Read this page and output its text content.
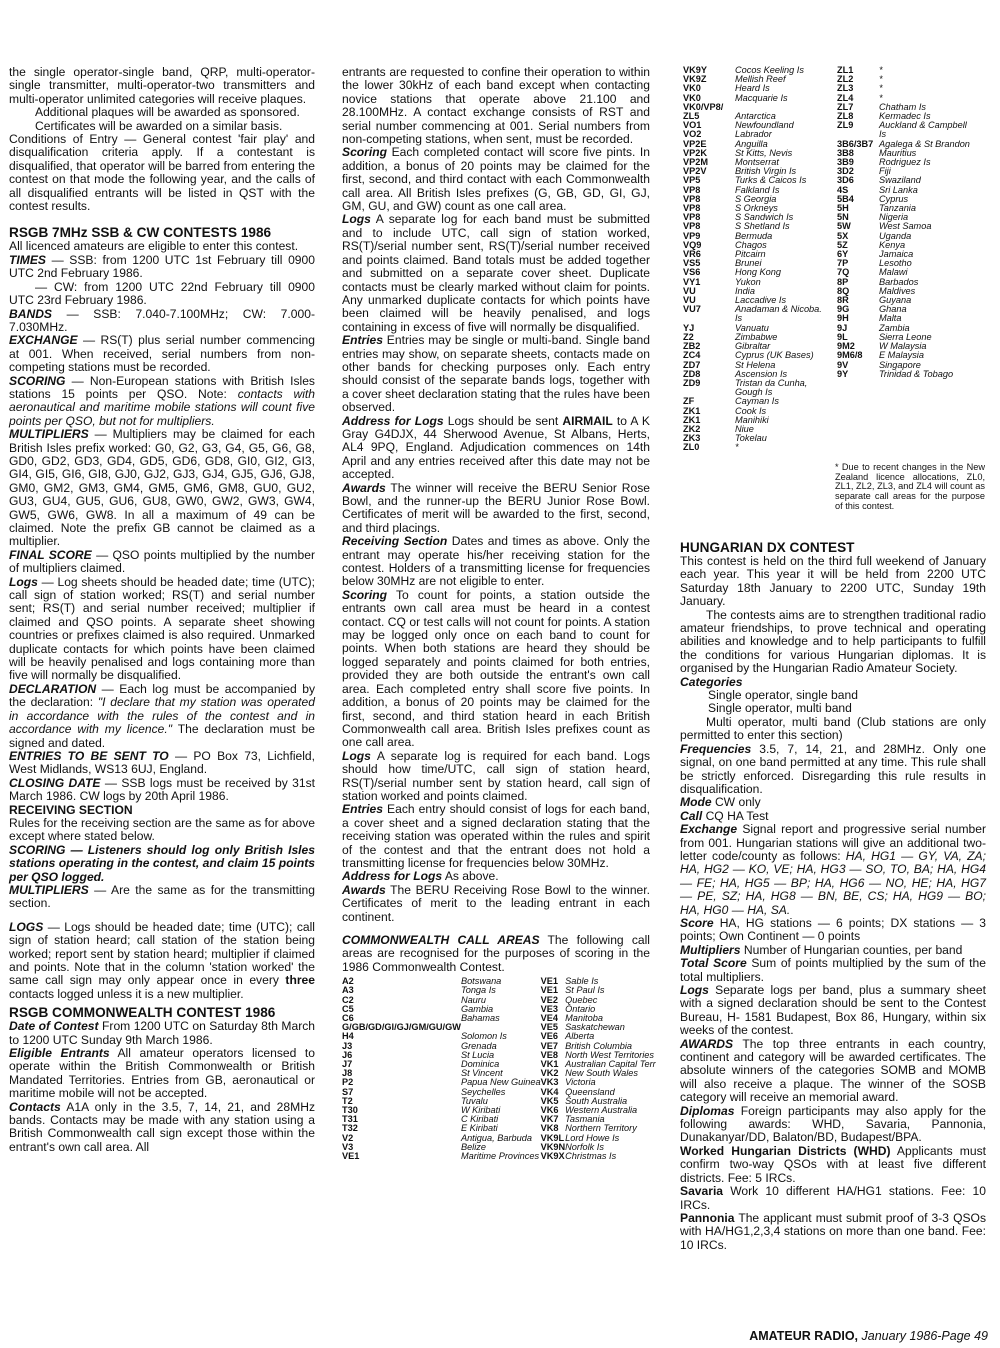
the single operator-single band, QRP, multi-operator-single transmitter, multi-operator-two transmitters and multi-operator unlimited categories will receive plaques.

Additional plaques will be awarded as sponsored.

Certificates will be awarded on a similar basis.

Conditions of Entry — General contest 'fair play' and disqualification criteria apply. If a contestant is disqualified, that operator will be barred from entering the contest on that mode the following year, and the calls of all disqualified entrants will be listed in QST with the contest results.

RSGB 7MHz SSB & CW CONTESTS 1986

All licenced amateurs are eligible to enter this contest.

TIMES — SSB: from 1200 UTC 1st February till 0900 UTC 2nd February 1986.

— CW: from 1200 UTC 22nd February till 0900 UTC 23rd February 1986.

BANDS — SSB: 7.040-7.100MHz; CW: 7.000-7.030MHz.

EXCHANGE — RS(T) plus serial number commencing at 001. When received, serial numbers from non-competing stations must be recorded.

SCORING — Non-European stations with British Isles stations 15 points per QSO. Note: contacts with aeronautical and maritime mobile stations will count five points per QSO, but not for multipliers.

MULTIPLIERS — Multipliers may be claimed for each British Isles prefix worked: G0, G2, G3, G4, G5, G6, G8, GD0, GD2, GD3, GD4, GD5, GD6, GD8, GI0, GI2, GI3, GI4, GI5, GI6, GI8, GJ0, GJ2, GJ3, GJ4, GJ5, GJ6, GJ8, GM0, GM2, GM3, GM4, GM5, GM6, GM8, GU0, GU2, GU3, GU4, GU5, GU6, GU8, GW0, GW2, GW3, GW4, GW5, GW6, GW8. In all a maximum of 49 can be claimed. Note the prefix GB cannot be claimed as a multiplier.

FINAL SCORE — QSO points multiplied by the number of multipliers claimed.

Logs — Log sheets should be headed date; time (UTC); call sign of station worked; RS(T) and serial number sent; RS(T) and serial number received; multiplier if claimed and QSO points. A separate sheet showing countries or prefixes claimed is also required. Unmarked duplicate contacts for which points have been claimed will be heavily penalised and logs containing more than five will normally be disqualified.

DECLARATION — Each log must be accompanied by the declaration: "I declare that my station was operated in accordance with the rules of the contest and in accordance with my licence." The declaration must be signed and dated.

ENTRIES TO BE SENT TO — PO Box 73, Lichfield, West Midlands, WS13 6UJ, England.

CLOSING DATE — SSB logs must be received by 31st March 1986. CW logs by 20th April 1986.

RECEIVING SECTION

Rules for the receiving section are the same as for above except where stated below.

SCORING — Listeners should log only British Isles stations operating in the contest, and claim 15 points per QSO logged.

MULTIPLIERS — Are the same as for the transmitting section.

LOGS — Logs should be headed date; time (UTC); call sign of station heard; call station of the station being worked; report sent by station heard; multiplier if claimed and points. Note that in the column 'station worked' the same call sign may only appear once in every three contacts logged unless it is a new multiplier.

RSGB COMMONWEALTH CONTEST 1986

Date of Contest From 1200 UTC on Saturday 8th March to 1200 UTC Sunday 9th March 1986.

Eligible Entrants All amateur operators licensed to operate within the British Commonwealth or British Mandated Territories. Entries from GB, aeronautical or maritime mobile will not be accepted.

Contacts A1A only in the 3.5, 7, 14, 21, and 28MHz bands. Contacts may be made with any station using a British Commonwealth call sign except those within the entrant's own call area. All

entrants are requested to confine their operation to within the lower 30kHz of each band except when contacting novice stations that operate above 21.100 and 28.100MHz. A contact exchange consists of RST and serial number commencing at 001. Serial numbers from non-competing stations, when sent, must be recorded.

Scoring Each completed contact will score five pints. In addition, a bonus of 20 points may be claimed for the first, second, and third contact with each Commonwealth call area. All British Isles prefixes (G, GB, GD, GI, GJ, GM, GU, and GW) count as one call area.

Logs A separate log for each band must be submitted and to include UTC, call sign of station worked, RS(T)/serial number sent, RS(T)/serial number received and points claimed. Band totals must be added together and submitted on a separate cover sheet. Duplicate contacts must be clearly marked without claim for points. Any unmarked duplicate contacts for which points have been claimed will be heavily penalised, and logs containing in excess of five will normally be disqualified.

Entries Entries may be single or multi-band. Single band entries may show, on separate sheets, contacts made on other bands for checking purposes only. Each entry should consist of the separate bands logs, together with a cover sheet declaration stating that the rules have been observed.

Address for Logs Logs should be sent AIRMAIL to A K Gray G4DJX, 44 Sherwood Avenue, St Albans, Herts, AL4 9PQ, England. Adjudication commences on 14th April and any entries received after this date may not be accepted.

Awards The winner will receive the BERU Senior Rose Bowl, and the runner-up the BERU Junior Rose Bowl. Certificates of merit will be awarded to the first, second, and third placings.

Receiving Section Dates and times as above. Only the entrant may operate his/her receiving station for the contest. Holders of a transmitting license for frequencies below 30MHz are not eligible to enter.

Scoring To count for points, a station outside the entrants own call area must be heard in a contest contact. CQ or test calls will not count for points. A station may be logged only once on each band to count for points. When both stations are heard they should be logged separately and points claimed for both entries, provided they are both outside the entrant's own call area. Each completed entry shall score five points. In addition, a bonus of 20 points may be claimed for the first, second, and third station heard in each British Commonwealth call area. British Isles prefixes count as one call area.

Logs A separate log is required for each band. Logs should how time/UTC, call sign of station heard, RS(T)/serial number sent by station heard, call sign of station worked and points claimed.

Entries Each entry should consist of logs for each band, a cover sheet and a signed declaration stating that the receiving station was operated within the rules and spirit of the contest and that the entrant does not hold a transmitting license for frequencies below 30MHz.

Address for Logs As above.

Awards The BERU Receiving Rose Bowl to the winner. Certificates of merit to the leading entrant in each continent.

COMMONWEALTH CALL AREAS The following call areas are recognised for the purposes of scoring in the 1986 Commonwealth Contest.

A2	Botswana	VE1	Sable Is
A3	Tonga Is	VE1	St Paul Is
C2	Nauru	VE2	Quebec
C5	Gambia	VE3	Ontario
C6	Bahamas	VE4	Manitoba
G/GB/GD/GI/GJ/GM/GU/GW		VE5	Saskatchewan
H4	Solomon Is	VE6	Alberta
J3	Grenada	VE7	British Columbia
J6	St Lucia	VE8	North West Territories
J7	Dominica	VK1	Australian Capital Terr
J8	St Vincent	VK2	New South Wales
P2	Papua New Guinea	VK3	Victoria
S7	Seychelles	VK4	Queensland
T2	Tuvalu	VK5	South Australia
T30	W Kiribati	VK6	Western Australia
T31	C Kiribati	VK7	Tasmania
T32	E Kiribati	VK8	Northern Territory
V2	Antigua, Barbuda	VK9L	Lord Howe Is
V3	Belize	VK9N	Norfolk Is
VE1	Maritime Provinces	VK9X	Christmas Is
VK9Y	Cocos Keeling Is	ZL1	*
VK9Z	Mellish Reef	ZL2	*
VK0	Heard Is	ZL3	*
VK0	Macquarie Is	ZL4	*
VK0/VP8/		ZL7	Chatham Is
ZL5	Antarctica	ZL8	Kermadec Is
VO1	Newfoundland	ZL9	Auckland & Campbell
VO2	Labrador		Is
VP2E	Anguilla	3B6/3B7	Agalega & St Brandon
VP2K	St Kitts, Nevis	3B8	Mauritius
VP2M	Montserrat	3B9	Rodriguez Is
VP2V	British Virgin Is	3D2	Fiji
VP5	Turks & Caicos Is	3D6	Swaziland
VP8	Falkland Is	4S	Sri Lanka
VP8	S Georgia	5B4	Cyprus
VP8	S Orkneys	5H	Tanzania
VP8	S Sandwich Is	5N	Nigeria
VP8	S Shetland Is	5W	West Samoa
VP9	Bermuda	5X	Uganda
VQ9	Chagos	5Z	Kenya
VR6	Pitcairn	6Y	Jamaica
VS5	Brunei	7P	Lesotho
VS6	Hong Kong	7Q	Malawi
VY1	Yukon	8P	Barbados
VU	India	8Q	Maldives
VU	Laccadive Is	8R	Guyana
VU7	Anadaman & Nicoba.	9G	Ghana
	Is	9H	Malta
YJ	Vanuatu	9J	Zambia
Z2	Zimbabwe	9L	Sierra Leone
ZB2	Gibraltar	9M2	W Malaysia
ZC4	Cyprus (UK Bases)	9M6/8	E Malaysia
ZD7	St Helena	9V	Singapore
ZD8	Ascension Is	9Y	Trinidad & Tobago
ZD9	Tristan da Cunha,		
	Gough Is		
ZF	Cayman Is		
ZK1	Cook Is		
ZK1	Manihiki		
ZK2	Niue		
ZK3	Tokelau		
ZL0	*		

* Due to recent changes in the New Zealand licence allocations, ZL0, ZL1, ZL2, ZL3, and ZL4 will count as separate call areas for the purpose of this contest.

HUNGARIAN DX CONTEST

This contest is held on the third full weekend of January each year. This year it will be held from 2200 UTC Saturday 18th January to 2200 UTC, Sunday 19th January.

The contests aims are to strengthen traditional radio amateur friendships, to prove technical and operating abilities and knowledge and to help participants to fulfill the conditions for various Hungarian diplomas. It is organised by the Hungarian Radio Amateur Society.

Categories

Single operator, single band

Single operator, multi band

Multi operator, multi band (Club stations are only permitted to enter this section)

Frequencies 3.5, 7, 14, 21, and 28MHz. Only one signal, on one band permitted at any time. This rule shall be strictly enforced. Disregarding this rule results in disqualification.

Mode CW only

Call CQ HA Test

Exchange Signal report and progressive serial number from 001. Hungarian stations will give an additional two-letter code/county as follows: HA, HG1 — GY, VA, ZA; HA, HG2 — KO, VE; HA, HG3 — SO, TO, BA; HA, HG4 — FE; HA, HG5 — BP; HA, HG6 — NO, HE; HA, HG7 — PE, SZ; HA, HG8 — BN, BE, CS; HA, HG9 — BO; HA, HG0 — HA, SA.

Score HA, HG stations — 6 points; DX stations — 3 points; Own Continent — 0 points

Multipliers Number of Hungarian counties, per band

Total Score Sum of points multiplied by the sum of the total multipliers.

Logs Separate logs per band, plus a summary sheet with a signed declaration should be sent to the Contest Bureau, H- 1581 Budapest, Box 86, Hungary, within six weeks of the contest.

AWARDS The top three entrants in each country, continent and category will be awarded certificates. The absolute winners of the categories SOMB and MOMB will also receive a plaque. The winner of the SOSB category will receive an memorial award.

Diplomas Foreign participants may also apply for the following awards: WHD, Savaria, Pannonia, Dunakanyar/DD, Balaton/BD, Budapest/BPA.

Worked Hungarian Districts (WHD) Applicants must confirm two-way QSOs with at least five different districts. Fee: 5 IRCs.

Savaria Work 10 different HA/HG1 stations. Fee: 10 IRCs.

Pannonia The applicant must submit proof of 3-3 QSOs with HA/HG1,2,3,4 stations on more than one band. Fee: 10 IRCs.

AMATEUR RADIO, January 1986-Page 49
